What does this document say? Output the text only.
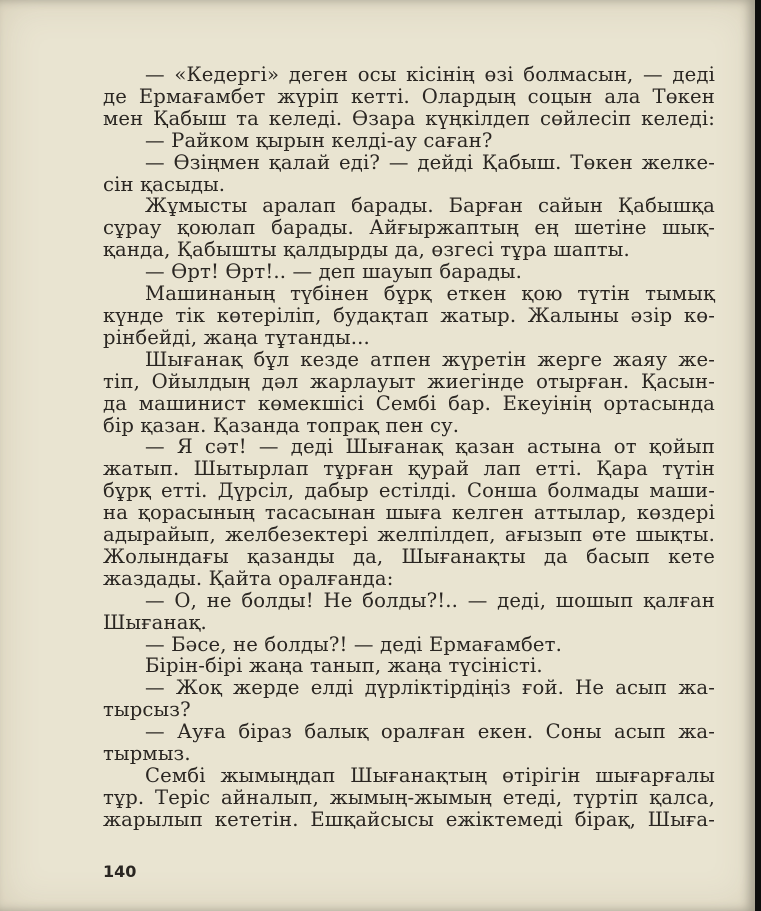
— «Кедергі» деген осы кісінің өзі болмасын, — деді
де Ермағамбет жүріп кетті. Олардың соцын ала Төкен
мен Қабыш та келеді. Өзара күңкілдеп сөйлесіп келеді:
— Райком қырын келді-ау саған?
— Өзіңмен қалай еді? — дейді Қабыш. Төкен желке-
сін қасыды.
Жұмысты аралап барады. Барған сайын Қабышқа
сұрау қоюлап барады. Айғыржаптың ең шетіне шық-
қанда, Қабышты қалдырды да, өзгесі тұра шапты.
— Өрт! Өрт!.. — деп шауып барады.
Машинаның түбінен бұрқ еткен қою түтін тымық
күнде тік көтеріліп, будақтап жатыр. Жалыны әзір кө-
рінбейді, жаңа тұтанды...
Шығанақ бұл кезде атпен жүретін жерге жаяу же-
тіп, Ойылдың дәл жарлауыт жиегінде отырған. Қасын-
да машинист көмекшісі Сембі бар. Екеуінің ортасында
бір қазан. Қазанда топрақ пен су.
— Я сәт! — деді Шығанақ қазан астына от қойып
жатып. Шытырлап тұрған қурай лап етті. Қара түтін
бұрқ етті. Дүрсіл, дабыр естілді. Сонша болмады маши-
на қорасының тасасынан шыға келген аттылар, көздері
адырайып, желбезектері желпілдеп, ағызып өте шықты.
Жолындағы қазанды да, Шығанақты да басып кете
жаздады. Қайта оралғанда:
— О, не болды! Не болды?!.. — деді, шошып қалған
Шығанақ.
— Бәсе, не болды?! — деді Ермағамбет.
Бірін-бірі жаңа танып, жаңа түсіністі.
— Жоқ жерде елді дүрліктірдіңіз ғой. Не асып жа-
тырсыз?
— Ауға біраз балық оралған екен. Соны асып жа-
тырмыз.
Сембі жымыңдап Шығанақтың өтірігін шығарғалы
тұр. Теріс айналып, жымың-жымың етеді, түртіп қалса,
жарылып кететін. Ешқайсысы ежіктемеді бірақ, Шыға-
140
